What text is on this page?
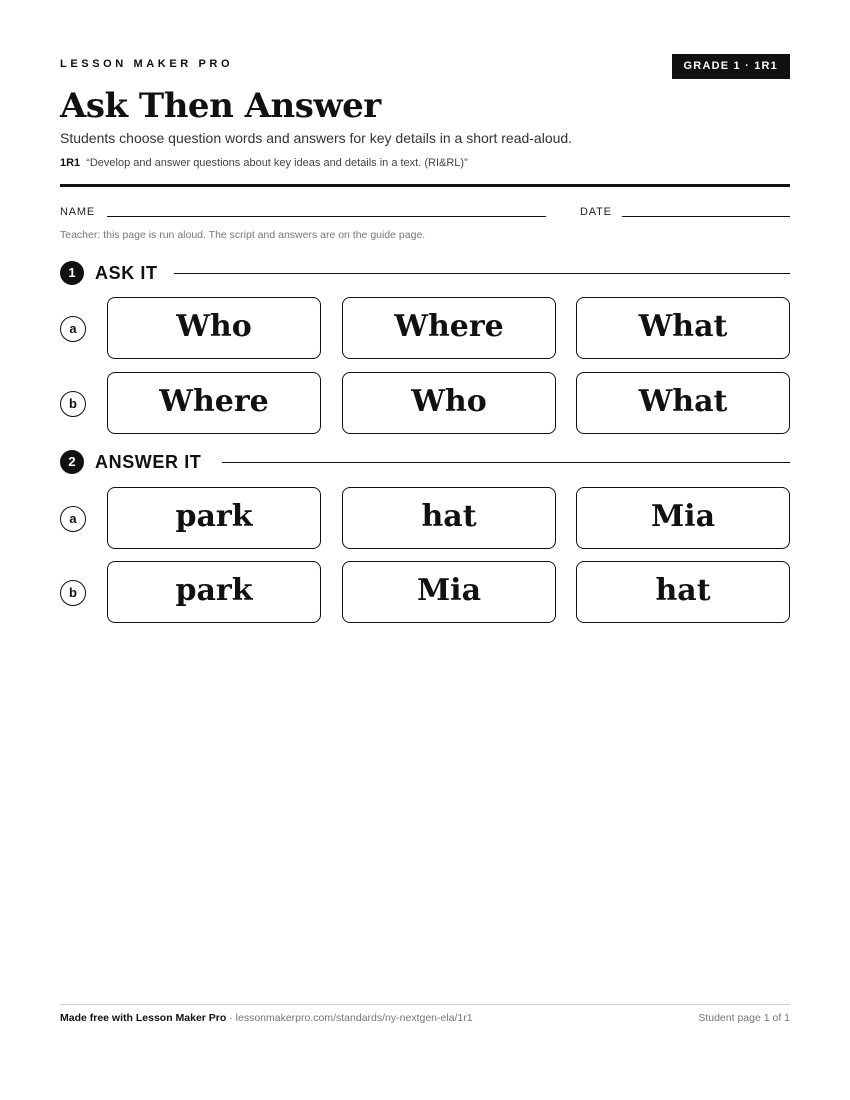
LESSON MAKER PRO	GRADE 1 · 1R1
Ask Then Answer
Students choose question words and answers for key details in a short read-aloud.
1R1 “Develop and answer questions about key ideas and details in a text. (RI&RL)”
NAME	DATE
Teacher: this page is run aloud. The script and answers are on the guide page.
1	ASK IT
a	Who	Where	What
b	Where	Who	What
2	ANSWER IT
a	park	hat	Mia
b	park	Mia	hat
Made free with Lesson Maker Pro · lessonmakerpro.com/standards/ny-nextgen-ela/1r1	Student page 1 of 1
